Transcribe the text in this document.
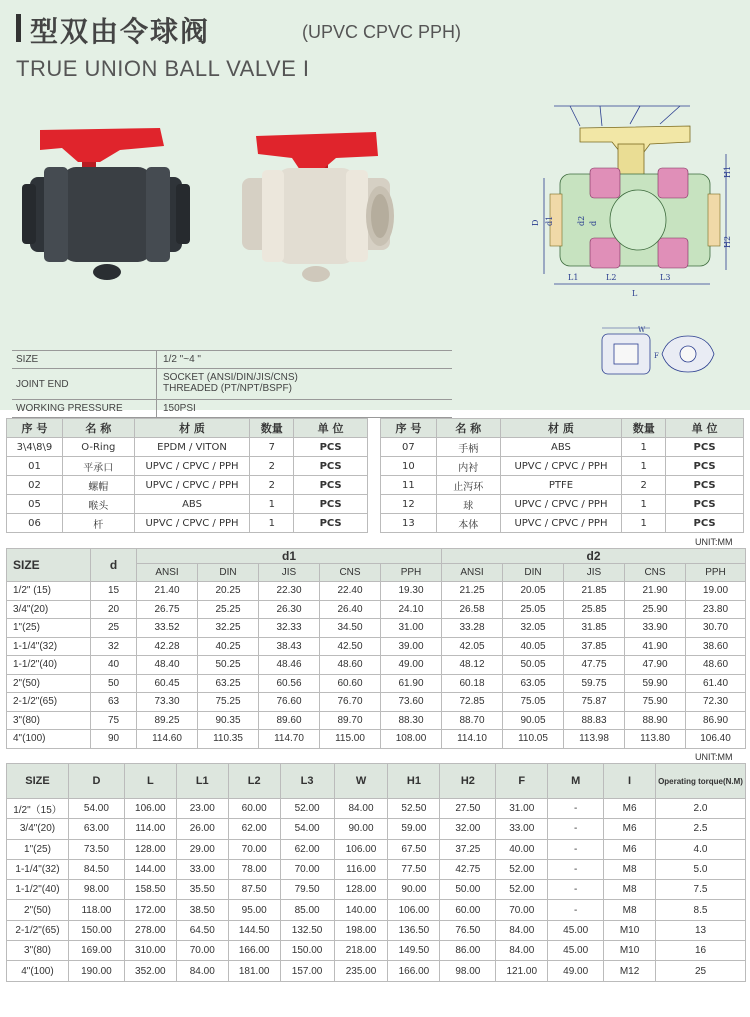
型双由令球阀	(UPVC CPVC PPH)
TRUE UNION BALL VALVE I
D d1	d2 d
H1
H2
L
L1	L2	L3
W
F
SIZE	1/2 "~4 "
JOINT END
SOCKET (ANSI/DIN/JIS/CNS)
THREADED (PT/NPT/BSPF)
WORKING PRESSURE	150PSI
序 号	名 称	材 质	数量	单 位
3\4\8\9	O-Ring	EPDM / VITON	7	PCS
01	平承口	UPVC / CPVC / PPH	2	PCS
02	螺帽	UPVC / CPVC / PPH	2	PCS
05	喉头	ABS	1	PCS
06	杆	UPVC / CPVC / PPH	1	PCS
序 号	名 称	材 质	数量	单 位
07	手柄	ABS	1	PCS
10	内衬	UPVC / CPVC / PPH	1	PCS
11	止泻环	PTFE	2	PCS
12	球	UPVC / CPVC / PPH	1	PCS
13	本体	UPVC / CPVC / PPH	1	PCS
UNIT:MM
SIZE	d	d1					d2				
		ANSI	DIN	JIS	CNS	PPH	ANSI	DIN	JIS	CNS	PPH
1/2" (15)	15	21.40	20.25	22.30	22.40	19.30	21.25	20.05	21.85	21.90	19.00
3/4"(20)	20	26.75	25.25	26.30	26.40	24.10	26.58	25.05	25.85	25.90	23.80
1"(25)	25	33.52	32.25	32.33	34.50	31.00	33.28	32.05	31.85	33.90	30.70
1-1/4"(32)	32	42.28	40.25	38.43	42.50	39.00	42.05	40.05	37.85	41.90	38.60
1-1/2"(40)	40	48.40	50.25	48.46	48.60	49.00	48.12	50.05	47.75	47.90	48.60
2"(50)	50	60.45	63.25	60.56	60.60	61.90	60.18	63.05	59.75	59.90	61.40
2-1/2"(65)	63	73.30	75.25	76.60	76.70	73.60	72.85	75.05	75.87	75.90	72.30
3"(80)	75	89.25	90.35	89.60	89.70	88.30	88.70	90.05	88.83	88.90	86.90
4"(100)	90	114.60	110.35	114.70	115.00	108.00	114.10	110.05	113.98	113.80	106.40
UNIT:MM
SIZE	D	L	L1	L2	L3	W	H1	H2	F	M	I	Operating torque(N.M)
1/2"（15）	54.00	106.00	23.00	60.00	52.00	84.00	52.50	27.50	31.00	-	M6	2.0
3/4"(20)	63.00	114.00	26.00	62.00	54.00	90.00	59.00	32.00	33.00	-	M6	2.5
1"(25)	73.50	128.00	29.00	70.00	62.00	106.00	67.50	37.25	40.00	-	M6	4.0
1-1/4"(32)	84.50	144.00	33.00	78.00	70.00	116.00	77.50	42.75	52.00	-	M8	5.0
1-1/2"(40)	98.00	158.50	35.50	87.50	79.50	128.00	90.00	50.00	52.00	-	M8	7.5
2"(50)	118.00	172.00	38.50	95.00	85.00	140.00	106.00	60.00	70.00	-	M8	8.5
2-1/2"(65)	150.00	278.00	64.50	144.50	132.50	198.00	136.50	76.50	84.00	45.00	M10	13
3"(80)	169.00	310.00	70.00	166.00	150.00	218.00	149.50	86.00	84.00	45.00	M10	16
4"(100)	190.00	352.00	84.00	181.00	157.00	235.00	166.00	98.00	121.00	49.00	M12	25
